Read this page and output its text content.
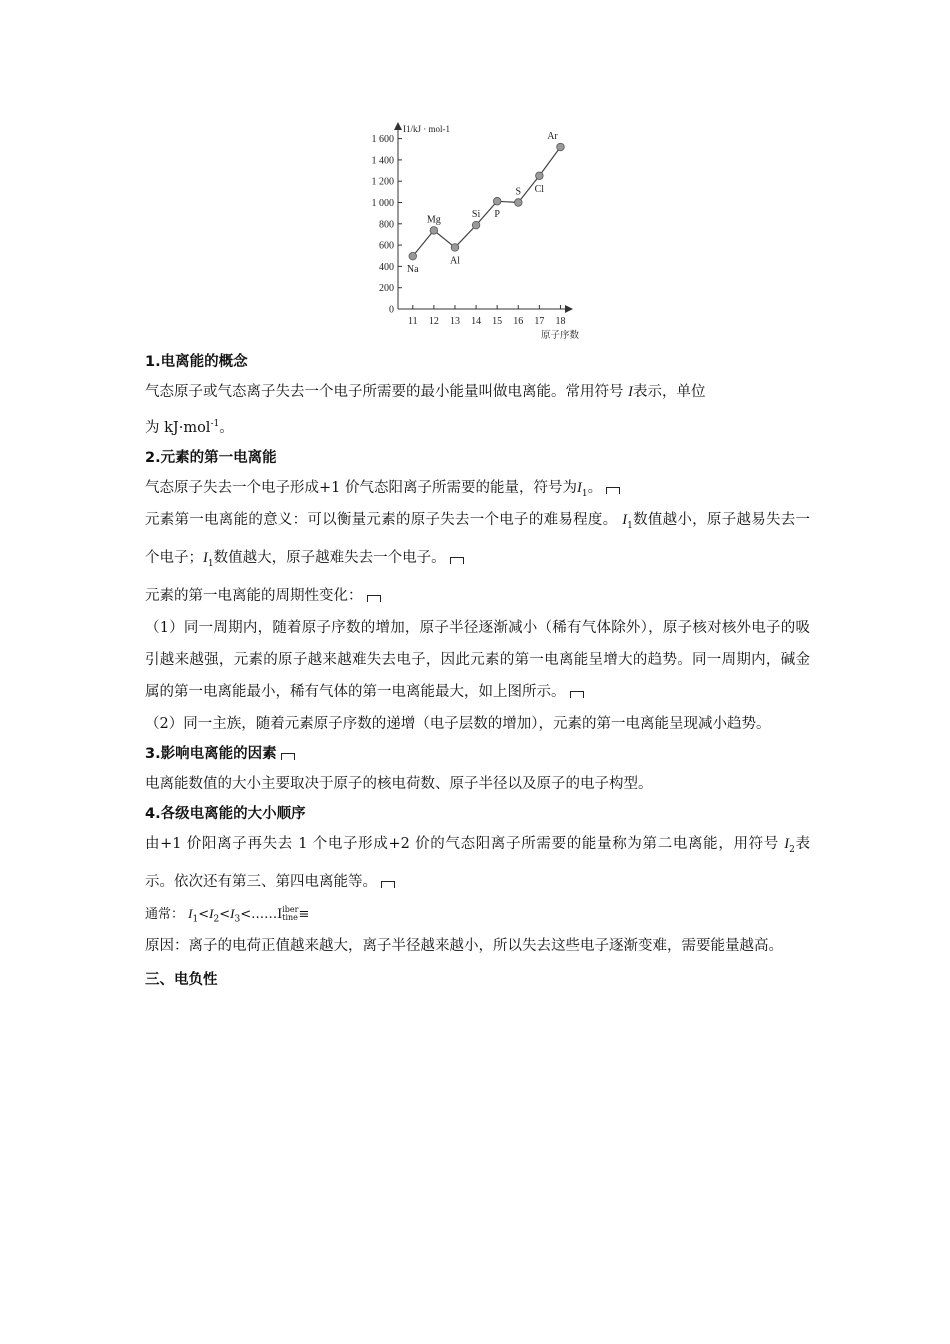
0
200
400
600
800
1 000
1 200
1 400
1 600
11 12 13 14 15 16 17 18
I1/kJ · mol-1
原子序数
Na
Mg
Al
Si P
S Cl
Ar
1.电离能的概念
气态原子或气态离子失去一个电子所需要的最小能量叫做电离能。常用符号 I表示，单位
为 kJ·mol$^{-1}$。
2.元素的第一电离能
气态原子失去一个电子形成+1 价气态阳离子所需要的能量，符号为$I_1$。
元素第一电离能的意义：可以衡量元素的原子失去一个电子的难易程度。 $I_1$数值越小，原子越易失去一个电子；$I_1$数值越大，原子越难失去一个电子。
元素的第一电离能的周期性变化：
（1）同一周期内，随着原子序数的增加，原子半径逐渐减小（稀有气体除外），原子核对核外电子的吸引越来越强，元素的原子越来越难失去电子，因此元素的第一电离能呈增大的趋势。同一周期内，碱金属的第一电离能最小，稀有气体的第一电离能最大，如上图所示。
（2）同一主族，随着元素原子序数的递增（电子层数的增加），元素的第一电离能呈现减小趋势。
3.影响电离能的因素
电离能数值的大小主要取决于原子的核电荷数、原子半径以及原子的电子构型。
4.各级电离能的大小顺序
由+1 价阳离子再失去 1 个电子形成+2 价的气态阳离子所需要的能量称为第二电离能，用符号 $I_2$表示。依次还有第三、第四电离能等。
通常： $I_1<I_2<I_3<\dots\dots Iiber$
tine≡
原因：离子的电荷正值越来越大，离子半径越来越小，所以失去这些电子逐渐变难，需要能量越高。
三、电负性
